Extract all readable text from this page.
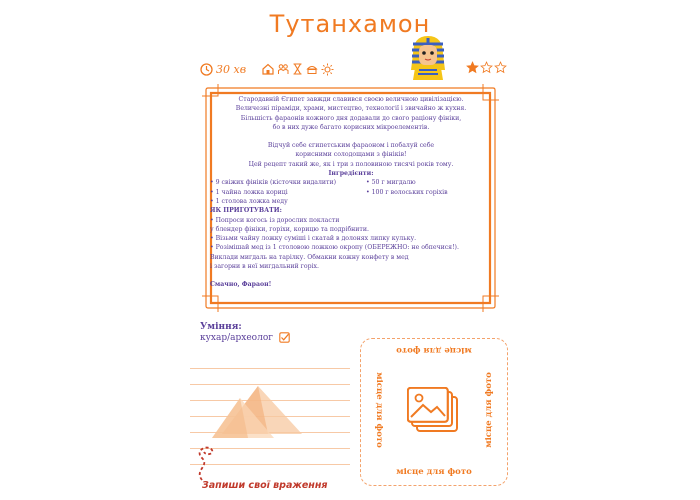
Тутанхамон
30 хв
Стародавній Єгипет завжди славився своєю величною цивілізацією.
Величезні піраміди, храми, мистецтво, технології і звичайно ж кухня.
Більшість фараонів кожного дня додавали до свого раціону фініки,
бо в них дуже багато корисних мікроелементів.
Відчуй себе єгипетським фараоном і побалуй себе
корисними солодощами з фініків!
Цей рецепт такий же, як і три з половиною тисячі років тому.
Інгредієнти:
• 9 свіжих фініків (кісточки видалити)
• 1 чайна ложка кориці
• 1 столова ложка меду
• 50 г мигдалю
• 100 г волоських горіхів
ЯК ПРИГОТУВАТИ:
• Попроси когось із дорослих покласти
у блендер фініки, горіхи, корицю та подрібнити.
• Візьми чайну ложку суміші і скатай в долонях липку кульку.
• Розімішай мед із 1 столовою ложкою окропу (ОБЕРЕЖНО: не обпечися!).
Виклади мигдаль на тарілку. Обмакни кожну конфету в мед
і загорни в неї мигдальний горіх.
Смачно, Фараон!
Уміння:
кухар/археолог
Запиши свої враження
місце для фото
місце для фото	місце для фото
місце для фото
